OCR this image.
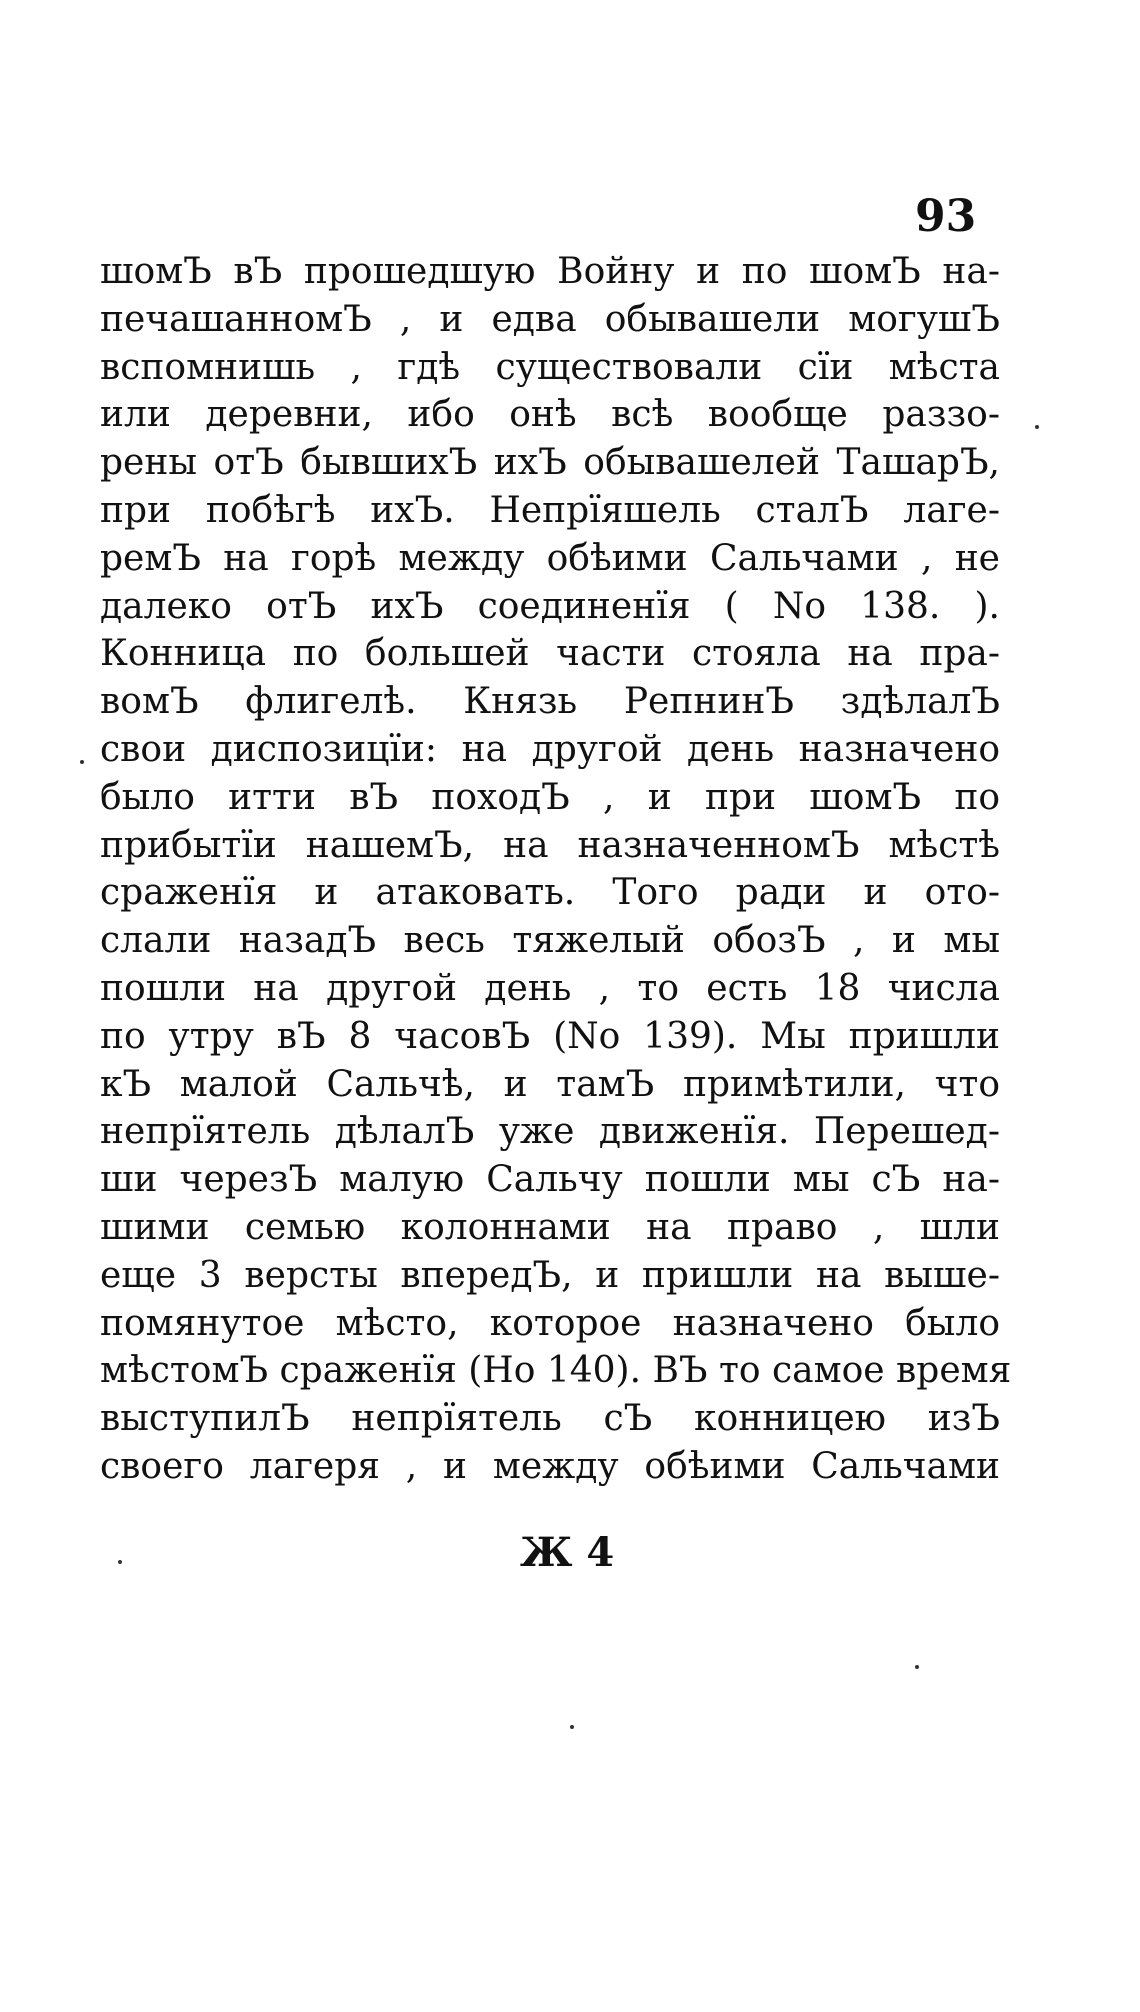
93
шомЪ вЪ прошедшую Войну и по шомЪ на-
печашанномЪ , и едва обывашели могушЪ
вспомнишь , гдѣ существовали сїи мѣста
или деревни, ибо онѣ всѣ вообще раззо-
рены отЪ бывшихЪ ихЪ обывашелей ТашарЪ,
при побѣгѣ ихЪ. Непрїяшель сталЪ лаге-
ремЪ на горѣ между обѣими Сальчами , не
далеко отЪ ихЪ соединенїя ( No 138. ).
Конница по большей части стояла на пра-
вомЪ флигелѣ. Князь РепнинЪ здѣлалЪ
свои диспозицїи: на другой день назначено
было итти вЪ походЪ , и при шомЪ по
прибытїи нашемЪ, на назначенномЪ мѣстѣ
сраженїя и атаковать. Того ради и отo-
слали назадЪ весь тяжелый обозЪ , и мы
пошли на другой день , то есть 18 числа
по утру вЪ 8 часовЪ (No 139). Мы пришли
кЪ малой Сальчѣ, и тамЪ примѣтили, что
непрїятель дѣлалЪ уже движенїя. Перешед-
ши черезЪ малую Сальчу пошли мы сЪ на-
шими семью колоннами на право , шли
еще 3 версты впередЪ, и пришли на выше-
помянутое мѣсто, которое назначено было
мѣстомЪ сраженїя (Но 140). ВЪ то самое время
выступилЪ непрїятель сЪ конницею изЪ
своего лагеря , и между обѣими Сальчами
Ж 4
